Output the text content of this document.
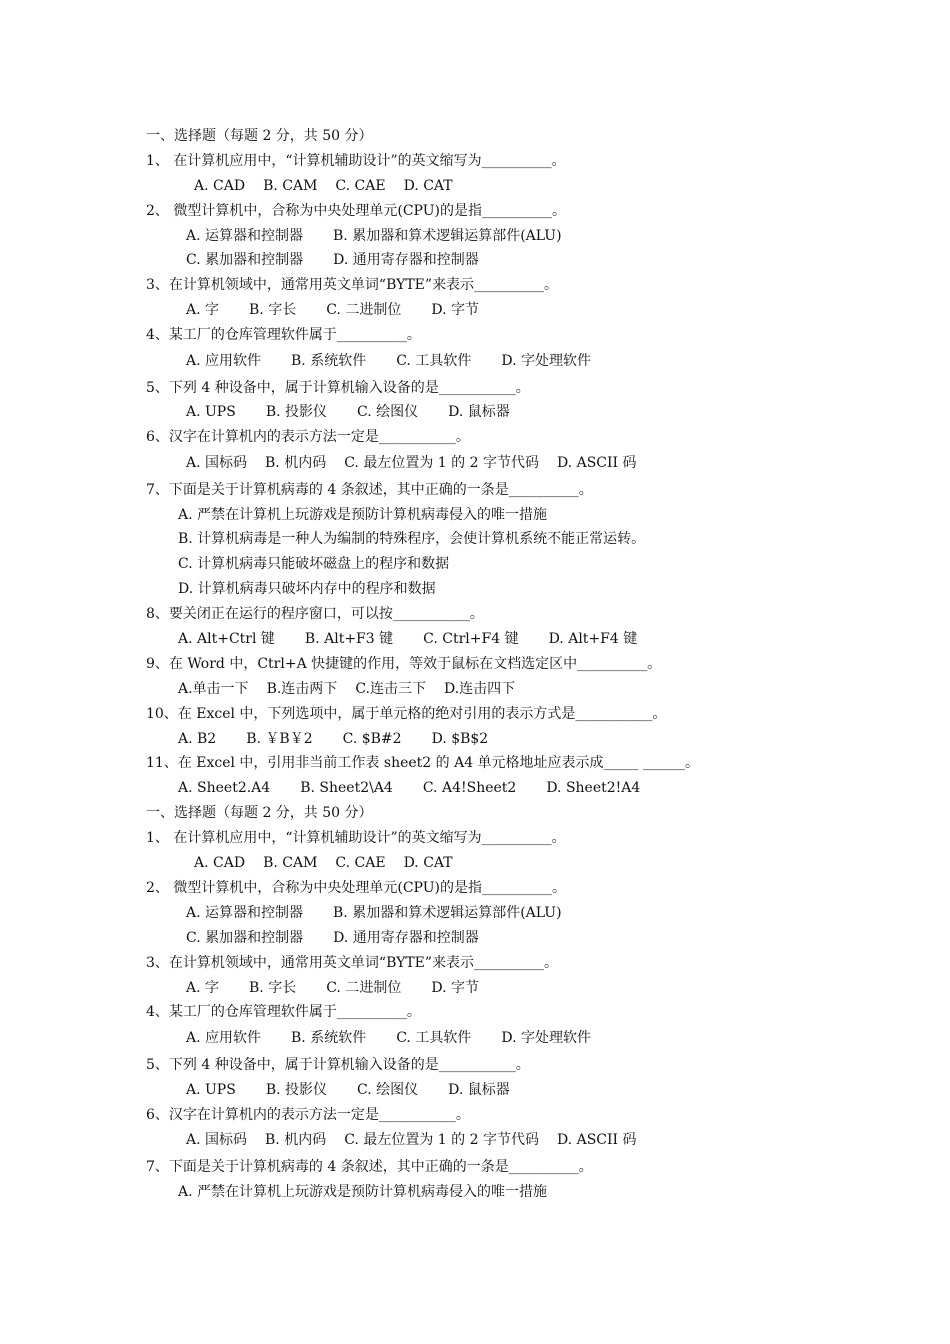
一、选择题（每题 2 分，共 50 分）
1、 在计算机应用中，“计算机辅助设计”的英文缩写为__________。
A. CAD B. CAM C. CAE D. CAT
2、 微型计算机中，合称为中央处理单元(CPU)的是指__________。
A. 运算器和控制器 B. 累加器和算术逻辑运算部件(ALU)
C. 累加器和控制器 D. 通用寄存器和控制器
3、在计算机领域中，通常用英文单词“BYTE”来表示__________。
A. 字 B. 字长 C. 二进制位 D. 字节
4、某工厂的仓库管理软件属于__________。
A. 应用软件 B. 系统软件 C. 工具软件 D. 字处理软件
5、下列 4 种设备中，属于计算机输入设备的是___________。
A. UPS B. 投影仪 C. 绘图仪 D. 鼠标器
6、汉字在计算机内的表示方法一定是___________。
A. 国标码 B. 机内码 C. 最左位置为 1 的 2 字节代码 D. ASCII 码
7、下面是关于计算机病毒的 4 条叙述，其中正确的一条是__________。
A. 严禁在计算机上玩游戏是预防计算机病毒侵入的唯一措施
B. 计算机病毒是一种人为编制的特殊程序，会使计算机系统不能正常运转。
C. 计算机病毒只能破坏磁盘上的程序和数据
D. 计算机病毒只破坏内存中的程序和数据
8、要关闭正在运行的程序窗口，可以按___________。
A. Alt+Ctrl 键 B. Alt+F3 键 C. Ctrl+F4 键 D. Alt+F4 键
9、在 Word 中，Ctrl+A 快捷键的作用，等效于鼠标在文档选定区中__________。
A.单击一下 B.连击两下 C.连击三下 D.连击四下
10、在 Excel 中，下列选项中，属于单元格的绝对引用的表示方式是___________。
A. B2 B. ￥B￥2 C. $B#2 D. $B$2
11、在 Excel 中，引用非当前工作表 sheet2 的 A4 单元格地址应表示成_____ ______。
A. Sheet2.A4 B. Sheet2\A4 C. A4!Sheet2 D. Sheet2!A4
一、选择题（每题 2 分，共 50 分）
1、 在计算机应用中，“计算机辅助设计”的英文缩写为__________。
A. CAD B. CAM C. CAE D. CAT
2、 微型计算机中，合称为中央处理单元(CPU)的是指__________。
A. 运算器和控制器 B. 累加器和算术逻辑运算部件(ALU)
C. 累加器和控制器 D. 通用寄存器和控制器
3、在计算机领域中，通常用英文单词“BYTE”来表示__________。
A. 字 B. 字长 C. 二进制位 D. 字节
4、某工厂的仓库管理软件属于__________。
A. 应用软件 B. 系统软件 C. 工具软件 D. 字处理软件
5、下列 4 种设备中，属于计算机输入设备的是___________。
A. UPS B. 投影仪 C. 绘图仪 D. 鼠标器
6、汉字在计算机内的表示方法一定是___________。
A. 国标码 B. 机内码 C. 最左位置为 1 的 2 字节代码 D. ASCII 码
7、下面是关于计算机病毒的 4 条叙述，其中正确的一条是__________。
A. 严禁在计算机上玩游戏是预防计算机病毒侵入的唯一措施
